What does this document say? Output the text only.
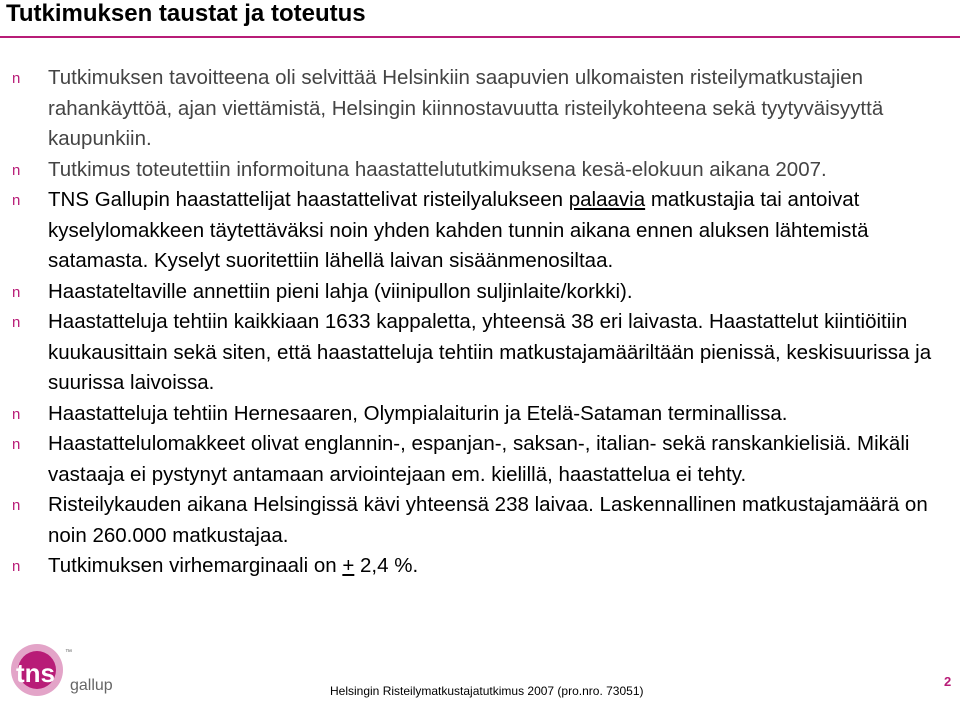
Tutkimuksen taustat ja toteutus
n Tutkimuksen tavoitteena oli selvittää Helsinkiin saapuvien ulkomaisten risteilymatkustajien rahankäyttöä, ajan viettämistä, Helsingin kiinnostavuutta risteilykohteena sekä tyytyväisyyttä kaupunkiin.
n Tutkimus toteutettiin informoituna haastattelututkimuksena kesä-elokuun aikana 2007.
n TNS Gallupin haastattelijat haastattelivat risteilyalukseen palaavia matkustajia tai antoivat kyselylomakkeen täytettäväksi noin yhden kahden tunnin aikana ennen aluksen lähtemistä satamasta. Kyselyt suoritettiin lähellä laivan sisäänmenosiltaa.
n Haastateltaville annettiin pieni lahja (viinipullon suljinlaite/korkki).
n Haastatteluja tehtiin kaikkiaan 1633 kappaletta, yhteensä 38 eri laivasta. Haastattelut kiintiöitiin kuukausittain sekä siten, että haastatteluja tehtiin matkustajamääriltään pienissä, keskisuurissa ja suurissa laivoissa.
n Haastatteluja tehtiin Hernesaaren, Olympialaiturin ja Etelä-Sataman terminallissa.
n Haastattelulomakkeet olivat englannin-, espanjan-, saksan-, italian- sekä ranskankielisiä. Mikäli vastaaja ei pystynyt antamaan arviointejaan em. kielillä, haastattelua ei tehty.
n Risteilykauden aikana Helsingissä kävi yhteensä 238 laivaa. Laskennallinen matkustajamäärä on noin 260.000 matkustajaa.
n Tutkimuksen virhemarginaali on + 2,4 %.
tns gallup
™
Helsingin Risteilymatkustajatutkimus 2007 (pro.nro. 73051)
2
